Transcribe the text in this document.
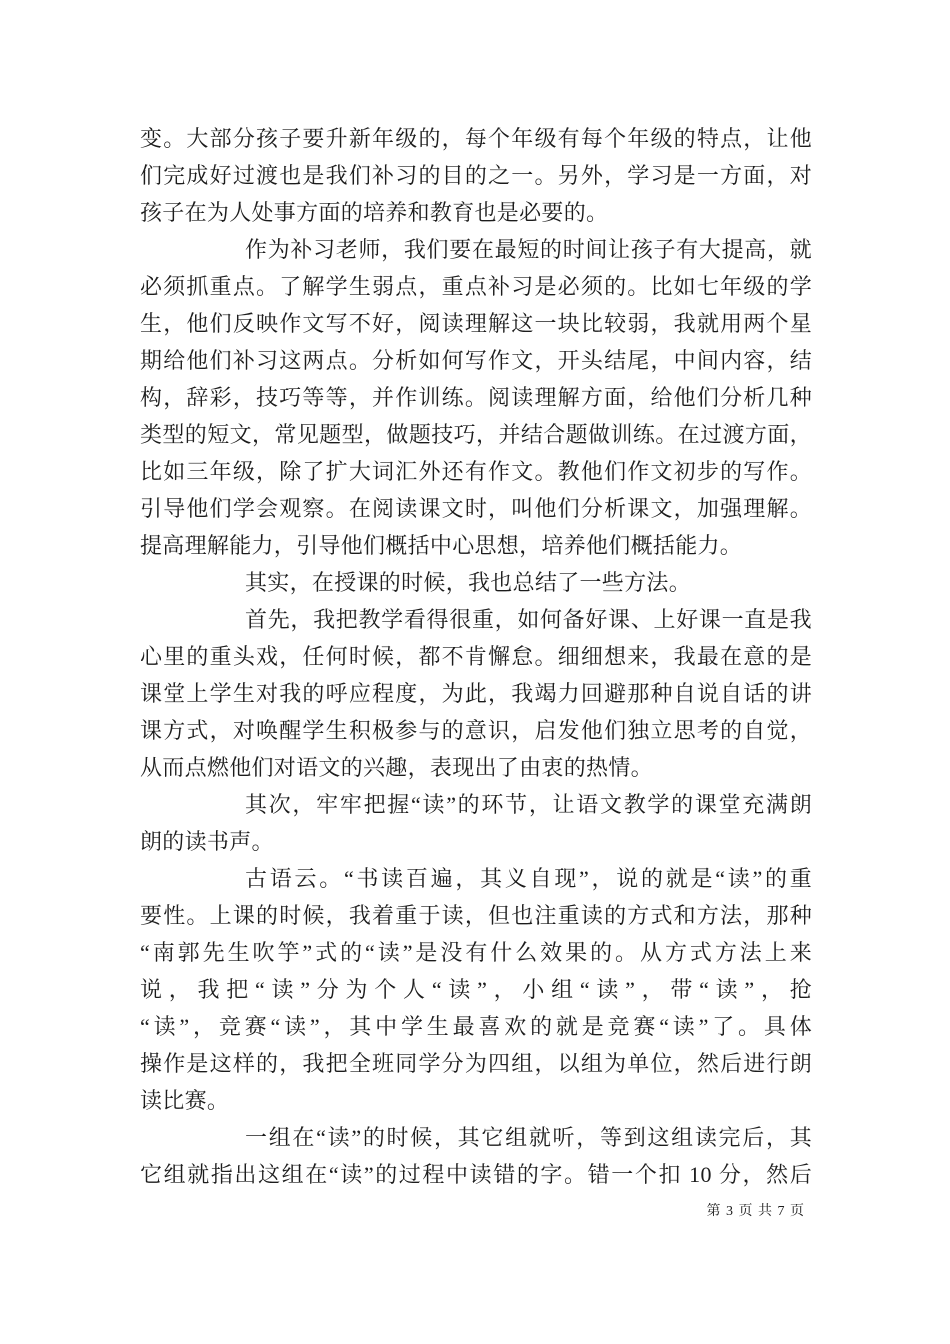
变。大部分孩子要升新年级的，每个年级有每个年级的特点，让他
们完成好过渡也是我们补习的目的之一。另外，学习是一方面，对
孩子在为人处事方面的培养和教育也是必要的。
作为补习老师，我们要在最短的时间让孩子有大提高，就
必须抓重点。了解学生弱点，重点补习是必须的。比如七年级的学
生，他们反映作文写不好，阅读理解这一块比较弱，我就用两个星
期给他们补习这两点。分析如何写作文，开头结尾，中间内容，结
构，辞彩，技巧等等，并作训练。阅读理解方面，给他们分析几种
类型的短文，常见题型，做题技巧，并结合题做训练。在过渡方面，
比如三年级，除了扩大词汇外还有作文。教他们作文初步的写作。
引导他们学会观察。在阅读课文时，叫他们分析课文，加强理解。
提高理解能力，引导他们概括中心思想，培养他们概括能力。
其实，在授课的时候，我也总结了一些方法。
首先，我把教学看得很重，如何备好课、上好课一直是我
心里的重头戏，任何时候，都不肯懈怠。细细想来，我最在意的是
课堂上学生对我的呼应程度，为此，我竭力回避那种自说自话的讲
课方式，对唤醒学生积极参与的意识，启发他们独立思考的自觉，
从而点燃他们对语文的兴趣，表现出了由衷的热情。
其次，牢牢把握“读”的环节，让语文教学的课堂充满朗
朗的读书声。
古语云。“书读百遍，其义自现”，说的就是“读”的重
要性。上课的时候，我着重于读，但也注重读的方式和方法，那种
“南郭先生吹竽”式的“读”是没有什么效果的。从方式方法上来
说，我把“读”分为个人“读”，小组“读”，带“读”，抢
“读”，竞赛“读”，其中学生最喜欢的就是竞赛“读”了。具体
操作是这样的，我把全班同学分为四组，以组为单位，然后进行朗
读比赛。
一组在“读”的时候，其它组就听，等到这组读完后，其
它组就指出这组在“读”的过程中读错的字。错一个扣 10 分，然后
第 3 页 共 7 页
